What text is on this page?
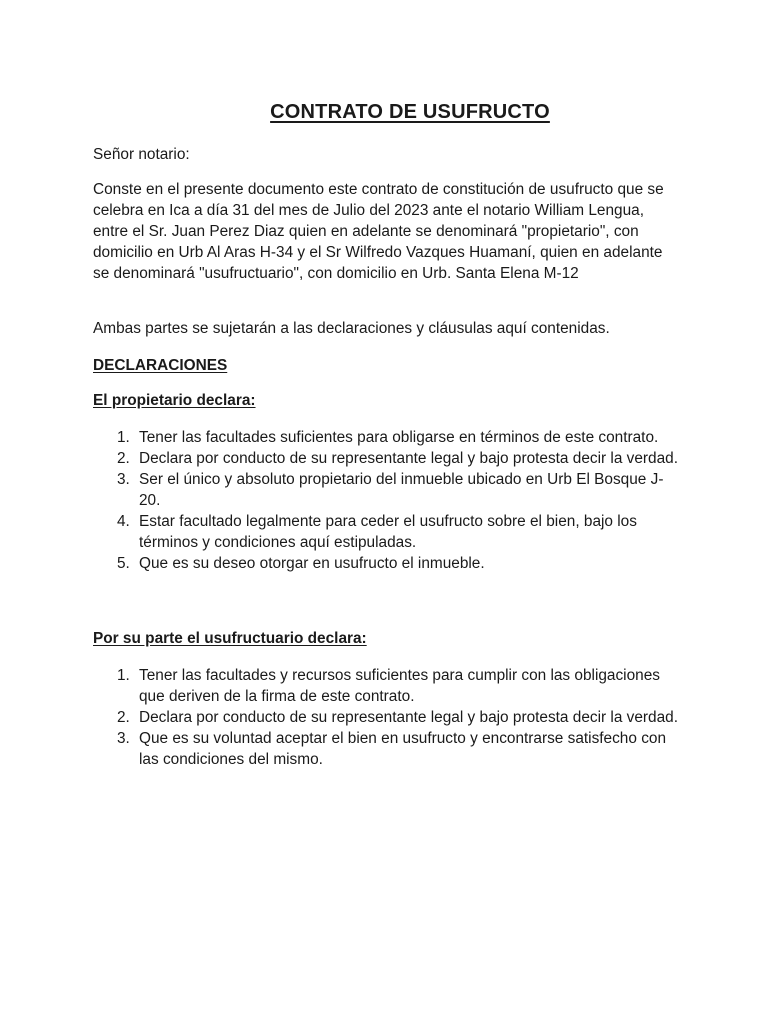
CONTRATO DE USUFRUCTO

Señor notario:

Conste en el presente documento este contrato de constitución de usufructo que se celebra en Ica a día 31 del mes de Julio del 2023 ante el notario William Lengua, entre el Sr. Juan Perez Diaz quien en adelante se denominará "propietario", con domicilio en Urb Al Aras H-34 y el Sr Wilfredo Vazques Huamaní, quien en adelante se denominará "usufructuario", con domicilio en Urb. Santa Elena M-12

Ambas partes se sujetarán a las declaraciones y cláusulas aquí contenidas.

DECLARACIONES

El propietario declara:

1. Tener las facultades suficientes para obligarse en términos de este contrato.
2. Declara por conducto de su representante legal y bajo protesta decir la verdad.
3. Ser el único y absoluto propietario del inmueble ubicado en Urb El Bosque J-20.
4. Estar facultado legalmente para ceder el usufructo sobre el bien, bajo los términos y condiciones aquí estipuladas.
5. Que es su deseo otorgar en usufructo el inmueble.

Por su parte el usufructuario declara:

1. Tener las facultades y recursos suficientes para cumplir con las obligaciones que deriven de la firma de este contrato.
2. Declara por conducto de su representante legal y bajo protesta decir la verdad.
3. Que es su voluntad aceptar el bien en usufructo y encontrarse satisfecho con las condiciones del mismo.
